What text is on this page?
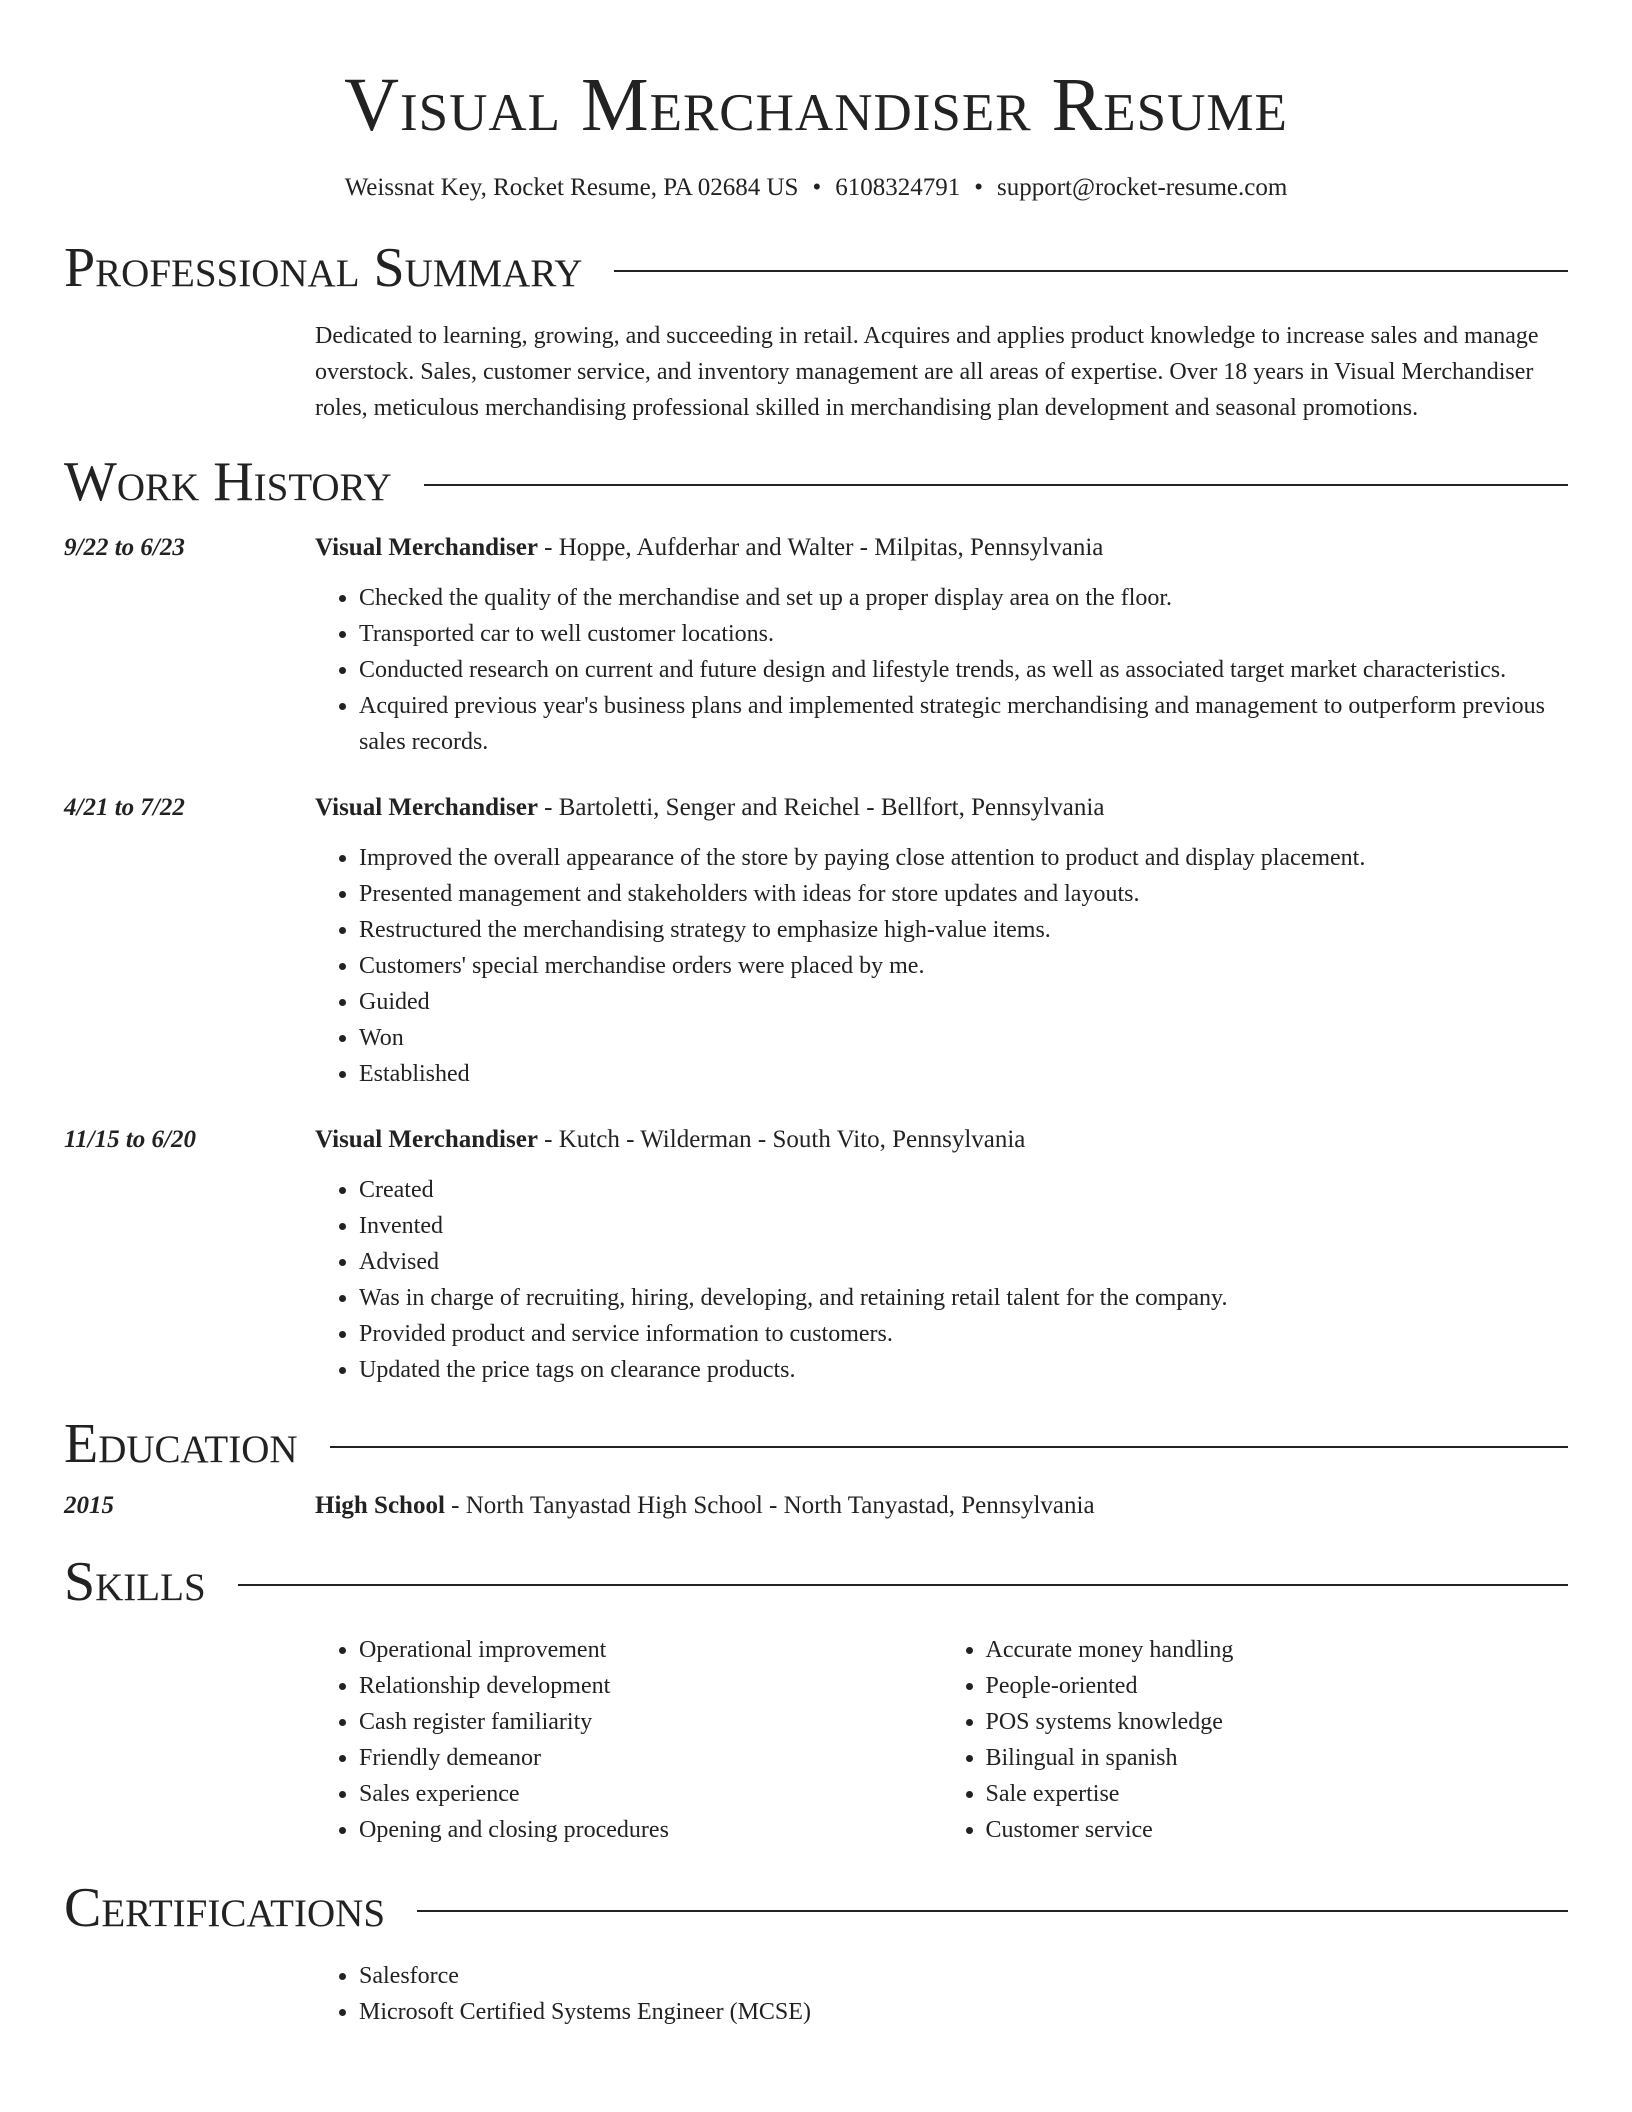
Visual Merchandiser Resume
Weissnat Key, Rocket Resume, PA 02684 US • 6108324791 • support@rocket-resume.com
Professional Summary
Dedicated to learning, growing, and succeeding in retail. Acquires and applies product knowledge to increase sales and manage overstock. Sales, customer service, and inventory management are all areas of expertise. Over 18 years in Visual Merchandiser roles, meticulous merchandising professional skilled in merchandising plan development and seasonal promotions.
Work History
9/22 to 6/23	Visual Merchandiser - Hoppe, Aufderhar and Walter - Milpitas, Pennsylvania
• Checked the quality of the merchandise and set up a proper display area on the floor.
• Transported car to well customer locations.
• Conducted research on current and future design and lifestyle trends, as well as associated target market characteristics.
• Acquired previous year's business plans and implemented strategic merchandising and management to outperform previous sales records.
4/21 to 7/22	Visual Merchandiser - Bartoletti, Senger and Reichel - Bellfort, Pennsylvania
• Improved the overall appearance of the store by paying close attention to product and display placement.
• Presented management and stakeholders with ideas for store updates and layouts.
• Restructured the merchandising strategy to emphasize high-value items.
• Customers' special merchandise orders were placed by me.
• Guided
• Won
• Established
11/15 to 6/20	Visual Merchandiser - Kutch - Wilderman - South Vito, Pennsylvania
• Created
• Invented
• Advised
• Was in charge of recruiting, hiring, developing, and retaining retail talent for the company.
• Provided product and service information to customers.
• Updated the price tags on clearance products.
Education
2015	High School - North Tanyastad High School - North Tanyastad, Pennsylvania
Skills
• Operational improvement
• Relationship development
• Cash register familiarity
• Friendly demeanor
• Sales experience
• Opening and closing procedures
• Accurate money handling
• People-oriented
• POS systems knowledge
• Bilingual in spanish
• Sale expertise
• Customer service
Certifications
• Salesforce
• Microsoft Certified Systems Engineer (MCSE)
